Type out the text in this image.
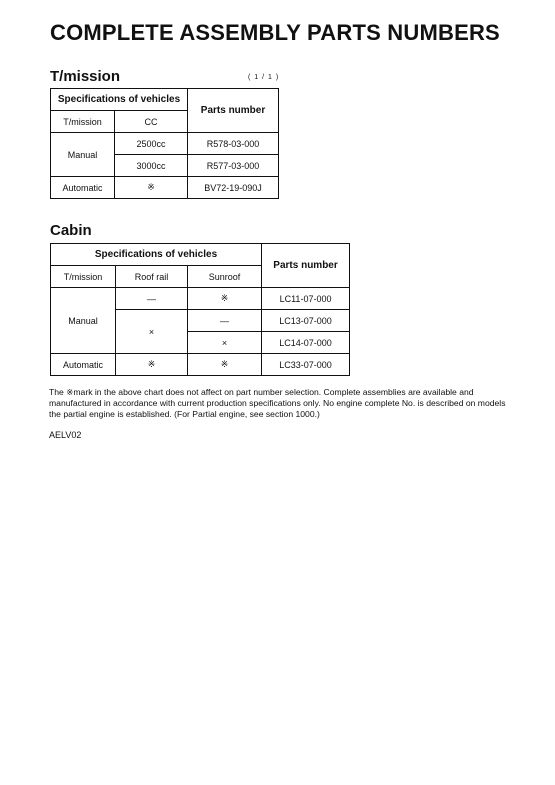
COMPLETE ASSEMBLY PARTS NUMBERS
T/mission	( 1 / 1 )
Specifications of vehicles		Parts number
T/mission	CC	
Manual	2500cc	R578-03-000
	3000cc	R577-03-000
Automatic	※	BV72-19-090J
Cabin
Specifications of vehicles			Parts number
T/mission	Roof rail	Sunroof	
Manual	—	※	LC11-07-000
	×	—	LC13-07-000
		×	LC14-07-000
Automatic	※	※	LC33-07-000
The ※mark in the above chart does not affect on part number selection. Complete assemblies are available and manufactured in accordance with current production specifications only. No engine complete No. is described on models the partial engine is established. (For Partial engine, see section 1000.)
AELV02
